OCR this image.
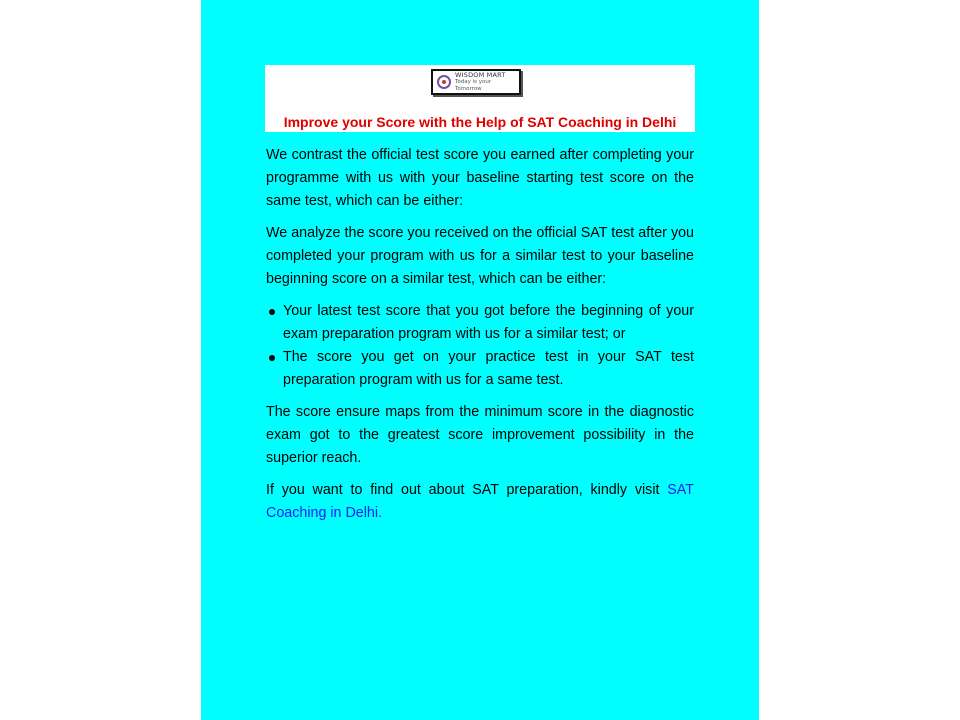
WISDOM MART
Today is your Tomorrow
Improve your Score with the Help of SAT Coaching in Delhi

We contrast the official test score you earned after completing your programme with us with your baseline starting test score on the same test, which can be either:

We analyze the score you received on the official SAT test after you completed your program with us for a similar test to your baseline beginning score on a similar test, which can be either:

Your latest test score that you got before the beginning of your exam preparation program with us for a similar test; or
The score you get on your practice test in your SAT test preparation program with us for a same test.

The score ensure maps from the minimum score in the diagnostic exam got to the greatest score improvement possibility in the superior reach.

If you want to find out about SAT preparation, kindly visit SAT Coaching in Delhi.
